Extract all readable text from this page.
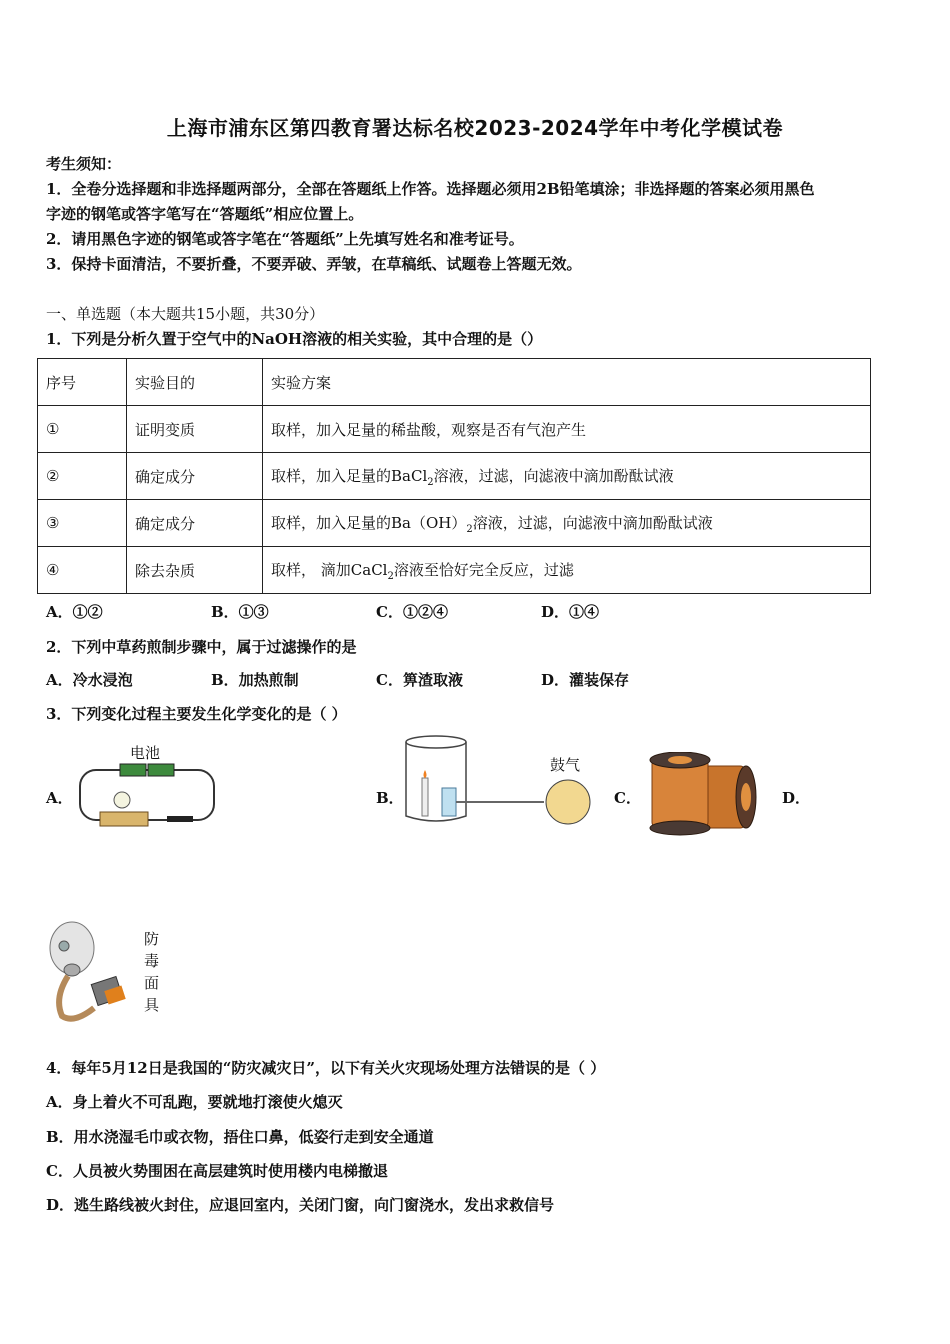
上海市浦东区第四教育署达标名校2023-2024学年中考化学模试卷
考生须知：
1．全卷分选择题和非选择题两部分，全部在答题纸上作答。选择题必须用2B铅笔填涂；非选择题的答案必须用黑色
字迹的钢笔或答字笔写在“答题纸”相应位置上。
2．请用黑色字迹的钢笔或答字笔在“答题纸”上先填写姓名和准考证号。
3．保持卡面清洁，不要折叠，不要弄破、弄皱，在草稿纸、试题卷上答题无效。
一、单选题（本大题共15小题，共30分）
1．下列是分析久置于空气中的NaOH溶液的相关实验，其中合理的是（）
序号	实验目的	实验方案
①	证明变质	取样，加入足量的稀盐酸，观察是否有气泡产生
②	确定成分	取样，加入足量的BaCl$_2$溶液，过滤，向滤液中滴加酚酞试液
③	确定成分	取样，加入足量的$Ba(OH)_2$溶液，过滤，向滤液中滴加酚酞试液
④	除去杂质	取样， 滴加CaCl$_2$溶液至恰好完全反应，过滤
A．①②	B．①③	C．①②④	D．①④
2．下列中草药煎制步骤中，属于过滤操作的是
A．冷水浸泡	B．加热煎制	C．箅渣取液	D．灌装保存
3．下列变化过程主要发生化学变化的是（ ）
A．	B．	C．	D．
电池
鼓气
防
毒
面
具
4．每年5月12日是我国的“防灾减灾日”，以下有关火灾现场处理方法错误的是（ ）
A．身上着火不可乱跑，要就地打滚使火熄灭
B．用水浇湿毛巾或衣物，捂住口鼻，低姿行走到安全通道
C．人员被火势围困在高层建筑时使用楼内电梯撤退
D．逃生路线被火封住，应退回室内，关闭门窗，向门窗浇水，发出求救信号
